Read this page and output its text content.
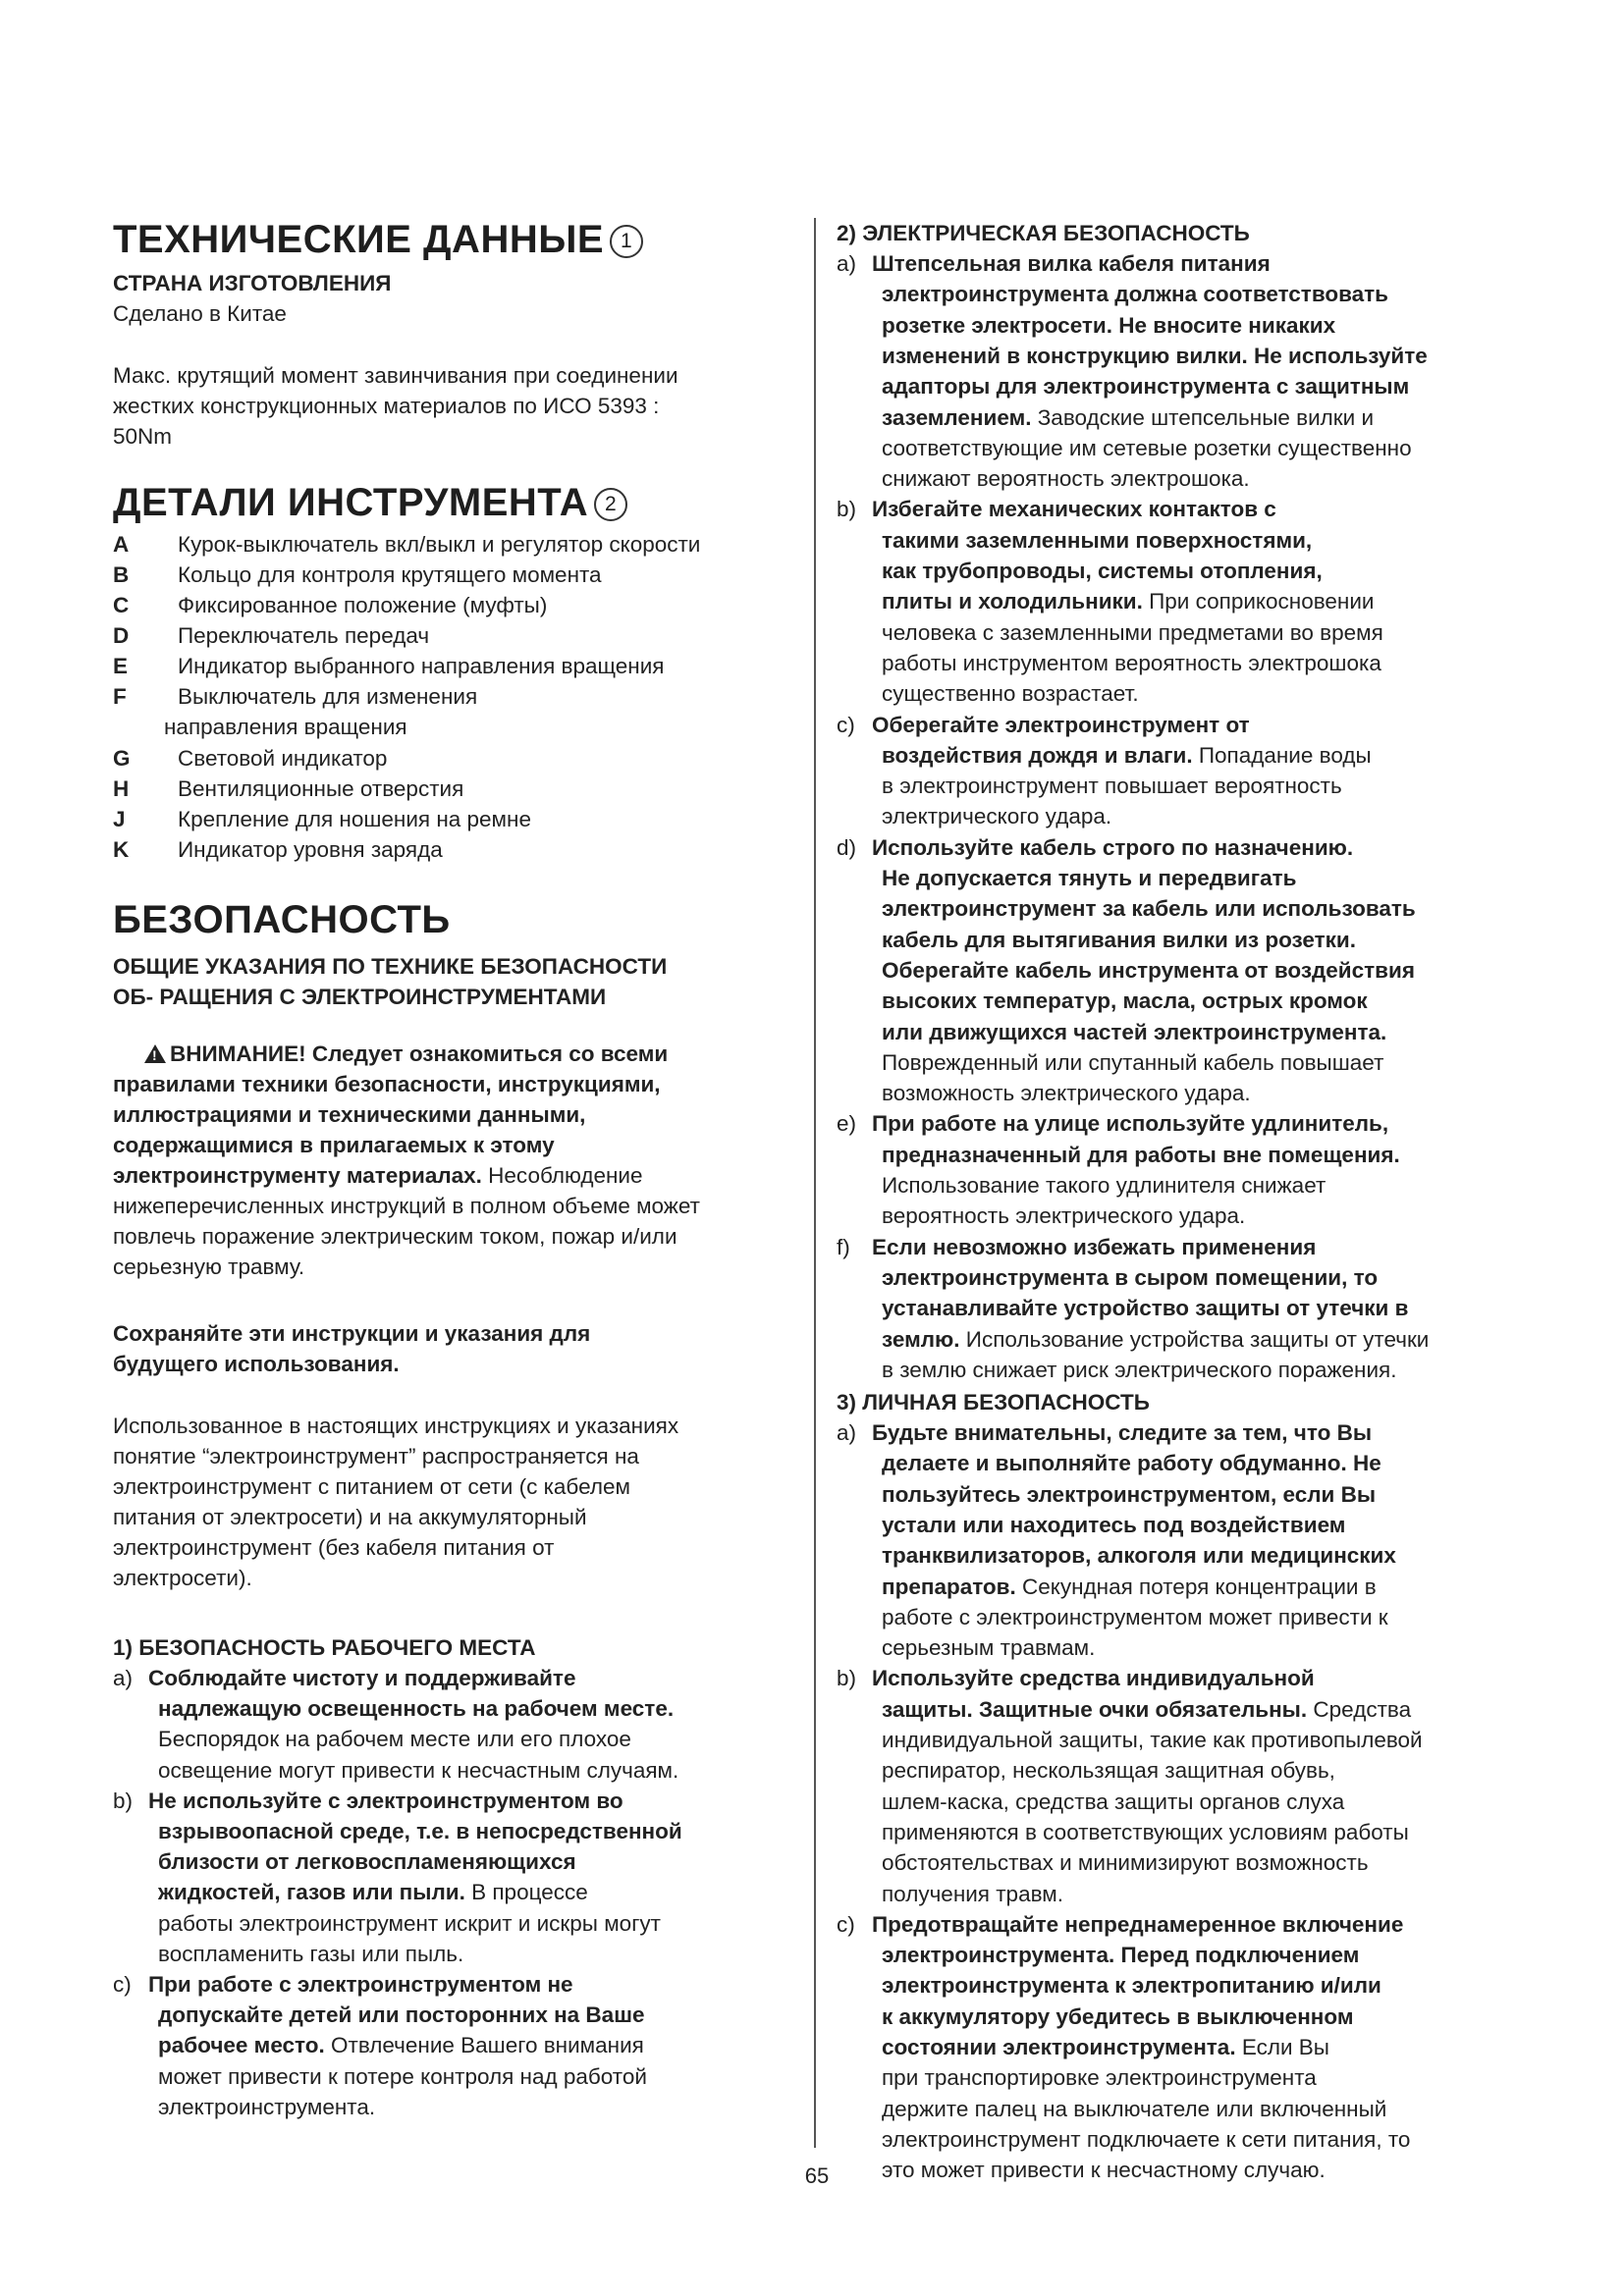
ТЕХНИЧЕСКИЕ ДАННЫЕ 1
СТРАНА ИЗГОТОВЛЕНИЯ
Сделано в Китае
Макс. крутящий момент завинчивания при соединении
жестких конструкционных материалов по ИСО 5393 :
50Nm
ДЕТАЛИ ИНСТРУМЕНТА 2
A Курок-выключатель вкл/выкл и регулятор скорости
B Кольцо для контроля крутящего момента
C Фиксированное положение (муфты)
D Переключатель передач
E Индикатор выбранного направления вращения
F Выключатель для изменения
направления вращения
G Световой индикатор
H Вентиляционные отверстия
J Крепление для ношения на ремне
K Индикатор уровня заряда
БЕЗОПАСНОСТЬ
ОБЩИЕ УКАЗАНИЯ ПО ТЕХНИКЕ БЕЗОПАСНОСТИ
ОБ- РАЩЕНИЯ С ЭЛЕКТРОИНСТРУМЕНТАМИ
!ВНИМАНИЕ! Следует ознакомиться со всеми
правилами техники безопасности, инструкциями,
иллюстрациями и техническими данными,
содержащимися в прилагаемых к этому
электроинструменту материалах. Несоблюдение
нижеперечисленных инструкций в полном объеме может
повлечь поражение электрическим током, пожар и/или
серьезную травму.
Сохраняйте эти инструкции и указания для
будущего использования.
Использованное в настоящих инструкциях и указаниях
понятие “электроинструмент” распространяется на
электроинструмент с питанием от сети (с кабелем
питания от электросети) и на аккумуляторный
электроинструмент (без кабеля питания от
электросети).
1) БЕЗОПАСНОСТЬ РАБОЧЕГО МЕСТА
a) Соблюдайте чистоту и поддерживайте
надлежащую освещенность на рабочем месте.
Беспорядок на рабочем месте или его плохое
освещение могут привести к несчастным случаям.
b) Не используйте с электроинструментом во
взрывоопасной среде, т.е. в непосредственной
близости от легковоспламеняющихся
жидкостей, газов или пыли. В процессе
работы электроинструмент искрит и искры могут
воспламенить газы или пыль.
c) При работе с электроинструментом не
допускайте детей или посторонних на Ваше
рабочее место. Отвлечение Вашего внимания
может привести к потере контроля над работой
электроинструмента.
2) ЭЛЕКТРИЧЕСКАЯ БЕЗОПАСНОСТЬ
a) Штепсельная вилка кабеля питания
электроинструмента должна соответствовать
розетке электросети. Не вносите никаких
изменений в конструкцию вилки. Не используйте
адапторы для электроинструмента с защитным
заземлением. Заводские штепсельные вилки и
соответствующие им сетевые розетки существенно
снижают вероятность электрошока.
b) Избегайте механических контактов с
такими заземленными поверхностями,
как трубопроводы, системы отопления,
плиты и холодильники. При соприкосновении
человека с заземленными предметами во время
работы инструментом вероятность электрошока
существенно возрастает.
c) Оберегайте электроинструмент от
воздействия дождя и влаги. Попадание воды
в электроинструмент повышает вероятность
электрического удара.
d) Используйте кабель строго по назначению.
Не допускается тянуть и передвигать
электроинструмент за кабель или использовать
кабель для вытягивания вилки из розетки.
Оберегайте кабель инструмента от воздействия
высоких температур, масла, острых кромок
или движущихся частей электроинструмента.
Поврежденный или спутанный кабель повышает
возможность электрического удара.
e) При работе на улице используйте удлинитель,
предназначенный для работы вне помещения.
Использование такого удлинителя снижает
вероятность электрического удара.
f) Если невозможно избежать применения
электроинструмента в сыром помещении, то
устанавливайте устройство защиты от утечки в
землю. Использование устройства защиты от утечки
в землю снижает риск электрического поражения.
3) ЛИЧНАЯ БЕЗОПАСНОСТЬ
a) Будьте внимательны, следите за тем, что Вы
делаете и выполняйте работу обдуманно. Не
пользуйтесь электроинструментом, если Вы
устали или находитесь под воздействием
транквилизаторов, алкоголя или медицинских
препаратов. Секундная потеря концентрации в
работе с электроинструментом может привести к
серьезным травмам.
b) Используйте средства индивидуальной
защиты. Защитные очки обязательны. Средства
индивидуальной защиты, такие как противопылевой
респиратор, нескользящая защитная обувь,
шлем-каска, средства защиты органов слуха
применяются в соответствующих условиям работы
обстоятельствах и минимизируют возможность
получения травм.
c) Предотвращайте непреднамеренное включение
электроинструмента. Перед подключением
электроинструмента к электропитанию и/или
к аккумулятору убедитесь в выключенном
состоянии электроинструмента. Если Вы
при транспортировке электроинструмента
держите палец на выключателе или включенный
электроинструмент подключаете к сети питания, то
это может привести к несчастному случаю.
65
